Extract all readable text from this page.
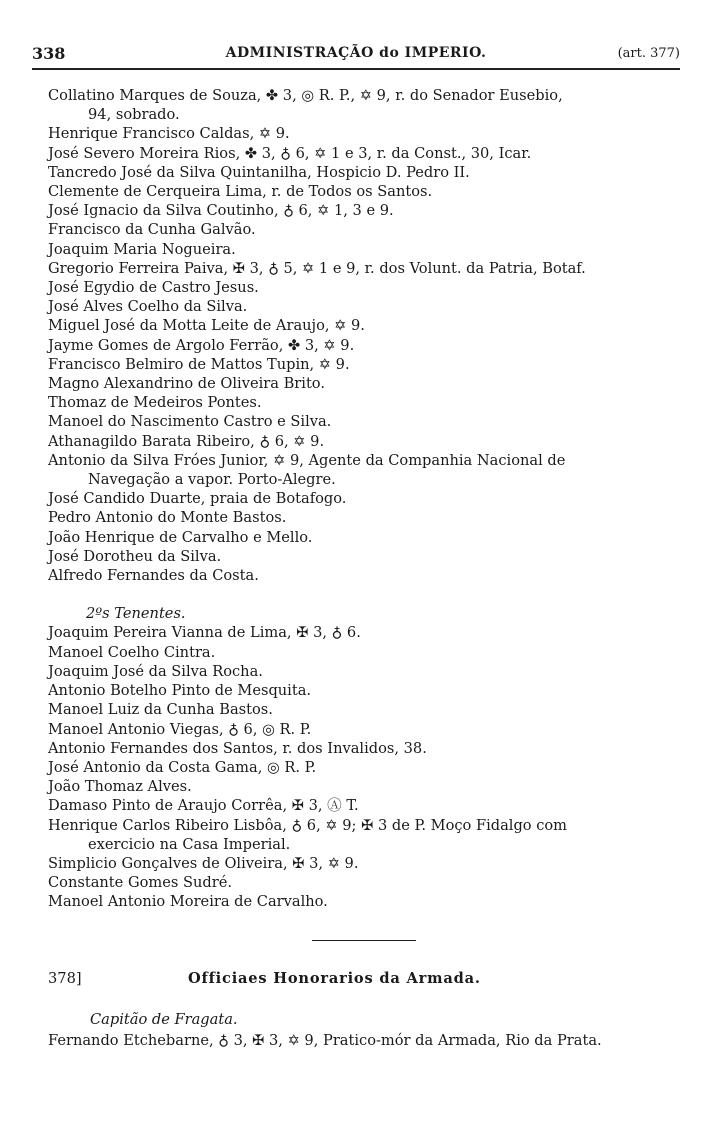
338	ADMINISTRAÇÃO do IMPERIO.	(art. 377)
Collatino Marques de Souza, ✤ 3, ◎ R. P., ✡ 9, r. do Senador Eusebio,
94, sobrado.
Henrique Francisco Caldas, ✡ 9.
José Severo Moreira Rios, ✤ 3, ♁ 6, ✡ 1 e 3, r. da Const., 30, Icar.
Tancredo José da Silva Quintanilha, Hospicio D. Pedro II.
Clemente de Cerqueira Lima, r. de Todos os Santos.
José Ignacio da Silva Coutinho, ♁ 6, ✡ 1, 3 e 9.
Francisco da Cunha Galvão.
Joaquim Maria Nogueira.
Gregorio Ferreira Paiva, ✠ 3, ♁ 5, ✡ 1 e 9, r. dos Volunt. da Patria, Botaf.
José Egydio de Castro Jesus.
José Alves Coelho da Silva.
Miguel José da Motta Leite de Araujo, ✡ 9.
Jayme Gomes de Argolo Ferrão, ✤ 3, ✡ 9.
Francisco Belmiro de Mattos Tupin, ✡ 9.
Magno Alexandrino de Oliveira Brito.
Thomaz de Medeiros Pontes.
Manoel do Nascimento Castro e Silva.
Athanagildo Barata Ribeiro, ♁ 6, ✡ 9.
Antonio da Silva Fróes Junior, ✡ 9, Agente da Companhia Nacional de
Navegação a vapor. Porto-Alegre.
José Candido Duarte, praia de Botafogo.
Pedro Antonio do Monte Bastos.
João Henrique de Carvalho e Mello.
José Dorotheu da Silva.
Alfredo Fernandes da Costa.
2ºs Tenentes.
Joaquim Pereira Vianna de Lima, ✠ 3, ♁ 6.
Manoel Coelho Cintra.
Joaquim José da Silva Rocha.
Antonio Botelho Pinto de Mesquita.
Manoel Luiz da Cunha Bastos.
Manoel Antonio Viegas, ♁ 6, ◎ R. P.
Antonio Fernandes dos Santos, r. dos Invalidos, 38.
José Antonio da Costa Gama, ◎ R. P.
João Thomaz Alves.
Damaso Pinto de Araujo Corrêa, ✠ 3, Ⓐ T.
Henrique Carlos Ribeiro Lisbôa, ♁ 6, ✡ 9; ✠ 3 de P. Moço Fidalgo com
exercicio na Casa Imperial.
Simplicio Gonçalves de Oliveira, ✠ 3, ✡ 9.
Constante Gomes Sudré.
Manoel Antonio Moreira de Carvalho.
378]	Officiaes Honorarios da Armada.
Capitão de Fragata.
Fernando Etchebarne, ♁ 3, ✠ 3, ✡ 9, Pratico-mór da Armada, Rio da Prata.
